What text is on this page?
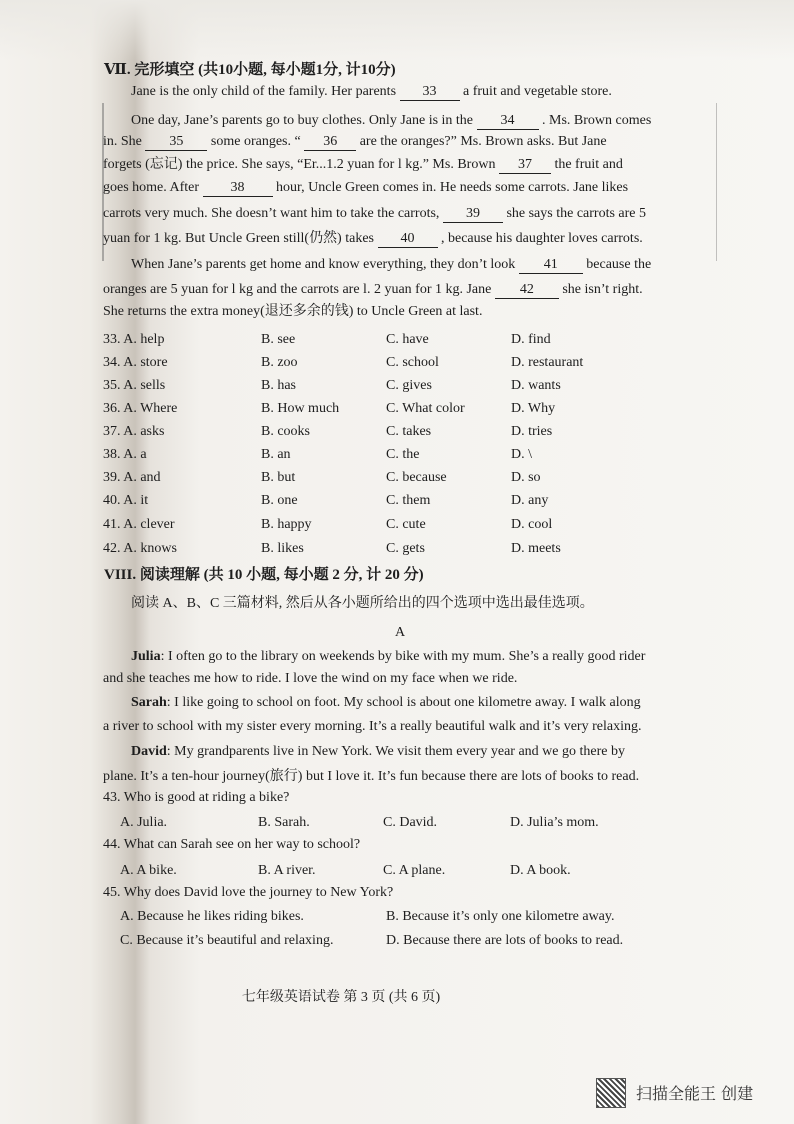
Ⅶ. 完形填空 (共10小题, 每小题1分, 计10分)
Jane is the only child of the family. Her parents 33 a fruit and vegetable store.
One day, Jane’s parents go to buy clothes. Only Jane is in the 34 . Ms. Brown comes
in. She 35 some oranges. “ 36 are the oranges?” Ms. Brown asks. But Jane
forgets (忘记) the price. She says, “Er...1.2 yuan for l kg.” Ms. Brown 37 the fruit and
goes home. After 38 hour, Uncle Green comes in. He needs some carrots. Jane likes
carrots very much. She doesn’t want him to take the carrots, 39 she says the carrots are 5
yuan for 1 kg. But Uncle Green still(仍然) takes 40 , because his daughter loves carrots.
When Jane’s parents get home and know everything, they don’t look 41 because the
oranges are 5 yuan for l kg and the carrots are l. 2 yuan for 1 kg. Jane 42 she isn’t right.
She returns the extra money(退还多余的钱) to Uncle Green at last.
33. A. help	B. see	C. have	D. find
34. A. store	B. zoo	C. school	D. restaurant
35. A. sells	B. has	C. gives	D. wants
36. A. Where	B. How much	C. What color	D. Why
37. A. asks	B. cooks	C. takes	D. tries
38. A. a	B. an	C. the	D. \
39. A. and	B. but	C. because	D. so
40. A. it	B. one	C. them	D. any
41. A. clever	B. happy	C. cute	D. cool
42. A. knows	B. likes	C. gets	D. meets
VIII. 阅读理解 (共 10 小题, 每小题 2 分, 计 20 分)
阅读 A、B、C 三篇材料, 然后从各小题所给出的四个选项中选出最佳选项。
A
Julia: I often go to the library on weekends by bike with my mum. She’s a really good rider
and she teaches me how to ride. I love the wind on my face when we ride.
Sarah: I like going to school on foot. My school is about one kilometre away. I walk along
a river to school with my sister every morning. It’s a really beautiful walk and it’s very relaxing.
David: My grandparents live in New York. We visit them every year and we go there by
plane. It’s a ten-hour journey(旅行) but I love it. It’s fun because there are lots of books to read.
43. Who is good at riding a bike?
A. Julia.	B. Sarah.	C. David.	D. Julia’s mom.
44. What can Sarah see on her way to school?
A. A bike.	B. A river.	C. A plane.	D. A book.
45. Why does David love the journey to New York?
A. Because he likes riding bikes.	B. Because it’s only one kilometre away.
C. Because it’s beautiful and relaxing.	D. Because there are lots of books to read.
七年级英语试卷 第 3 页 (共 6 页)
扫描全能王 创建
